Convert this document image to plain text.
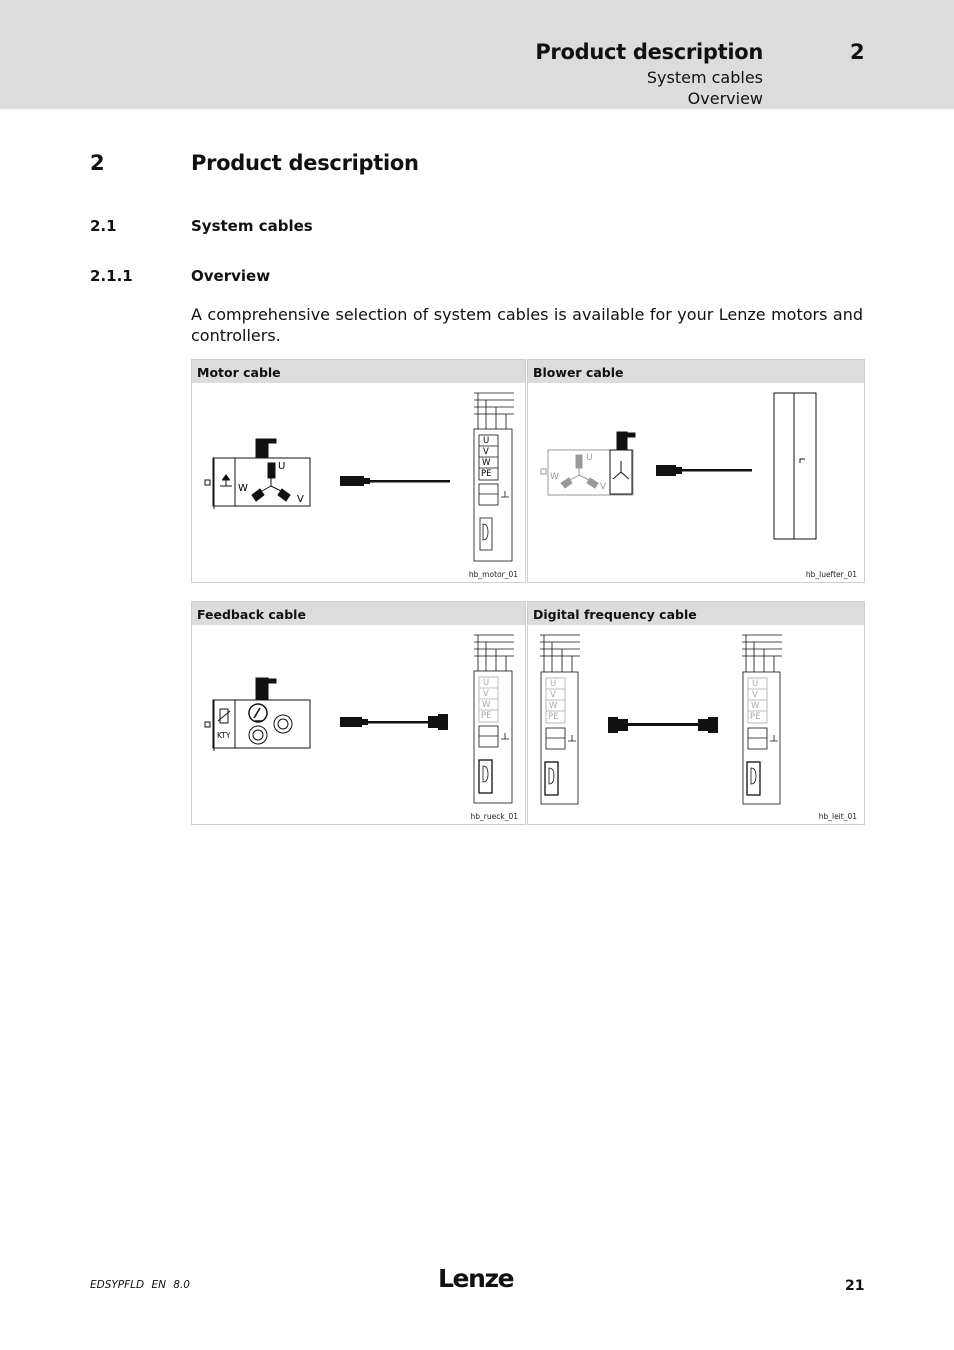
Product description	2
System cables
Overview
2	Product description
2.1	System cables
2.1.1	Overview
A comprehensive selection of system cables is available for your Lenze motors and controllers.
Motor cable
U
W
V
U
V
W
PE
hb_motor_01
Blower cable
U
W
V
hb_luefter_01
Feedback cable
KTY
U
V
W
PE
hb_rueck_01
Digital frequency cable
U
V
W
PE
U
V
W
PE
hb_leit_01
EDSYPFLD EN 8.0	Lenze	21
